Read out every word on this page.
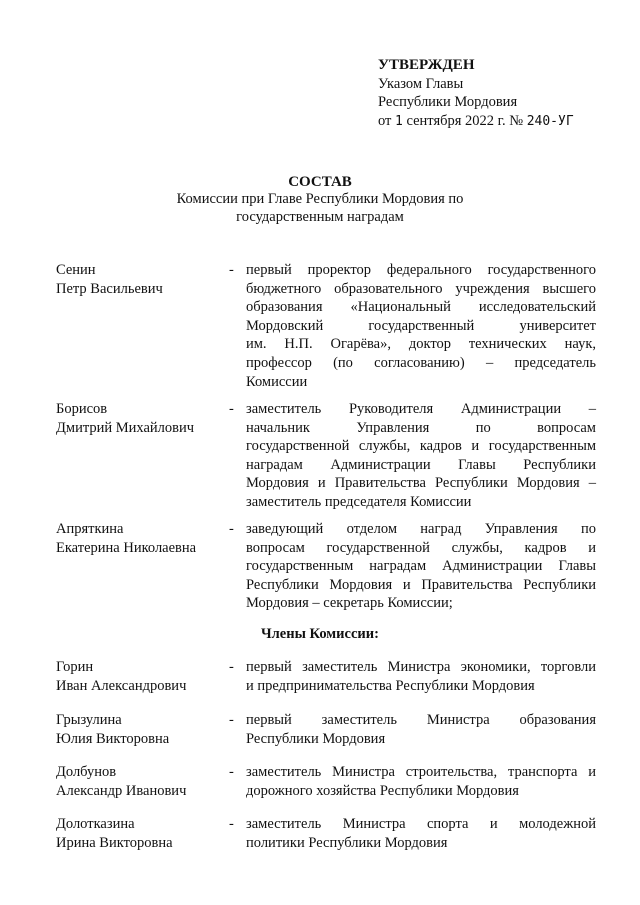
УТВЕРЖДЕН
Указом Главы
Республики Мордовия
от 1 сентября 2022 г. № 240-УГ
СОСТАВ
Комиссии при Главе Республики Мордовия по
государственным наградам
Сенин
Петр Васильевич
- первый проректор федерального государственного
бюджетного образовательного учреждения высшего
образования «Национальный исследовательский
Мордовский государственный университет
им. Н.П. Огарёва», доктор технических наук,
профессор (по согласованию) – председатель
Комиссии
Борисов
Дмитрий Михайлович
- заместитель Руководителя Администрации –
начальник Управления по вопросам
государственной службы, кадров и государственным
наградам Администрации Главы Республики
Мордовия и Правительства Республики Мордовия –
заместитель председателя Комиссии
Апряткина
Екатерина Николаевна
- заведующий отделом наград Управления по
вопросам государственной службы, кадров и
государственным наградам Администрации Главы
Республики Мордовия и Правительства Республики
Мордовия – секретарь Комиссии;
Члены Комиссии:
Горин
Иван Александрович
- первый заместитель Министра экономики, торговли
и предпринимательства Республики Мордовия
Грызулина
Юлия Викторовна
- первый заместитель Министра образования
Республики Мордовия
Долбунов
Александр Иванович
- заместитель Министра строительства, транспорта и
дорожного хозяйства Республики Мордовия
Долотказина
Ирина Викторовна
- заместитель Министра спорта и молодежной
политики Республики Мордовия
